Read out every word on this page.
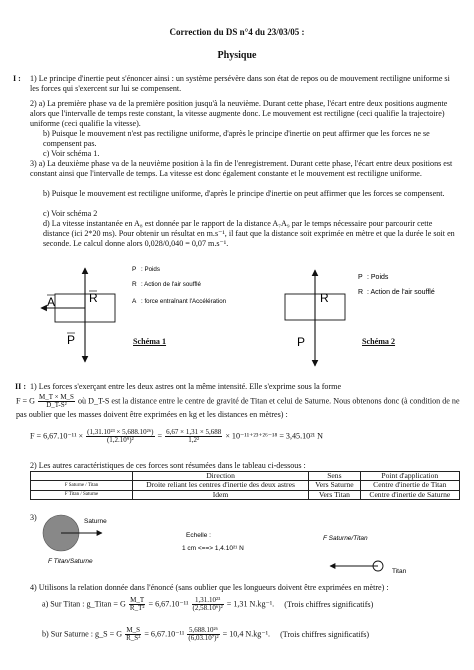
Correction du DS n°4 du 23/03/05 :
Physique
I : 1) Le principe d'inertie peut s'énoncer ainsi : un système persévère dans son état de repos ou de mouvement rectiligne uniforme si les forces qui s'exercent sur lui se compensent.
2) a) La première phase va de la première position jusqu'à la neuvième. Durant cette phase, l'écart entre deux positions augmente alors que l'intervalle de temps reste constant, la vitesse augmente donc. Le mouvement est rectiligne (ceci qualifie la trajectoire) uniforme (ceci qualifie la vitesse).
b) Puisque le mouvement n'est pas rectiligne uniforme, d'après le principe d'inertie on peut affirmer que les forces ne se compensent pas.
c) Voir schéma 1.
3) a) La deuxième phase va de la neuvième position à la fin de l'enregistrement. Durant cette phase, l'écart entre deux positions est constant ainsi que l'intervalle de temps. La vitesse est donc également constante et le mouvement est rectiligne uniforme.
b) Puisque le mouvement est rectiligne uniforme, d'après le principe d'inertie on peut affirmer que les forces se compensent.
c) Voir schéma 2
d) La vitesse instantanée en A₈ est donnée par le rapport de la distance A₇A₉ par le temps nécessaire pour parcourir cette distance (ici 2*20 ms). Pour obtenir un résultat en m.s⁻¹, il faut que la distance soit exprimée en mètre et que la durée le soit en seconde. Le calcul donne alors 0,028/0,040 = 0,07 m.s⁻¹.
R
P
A
P : Poids
R : Action de l'air soufflé
A : force entraînant l'Accélération
Schéma 1
R
P
P : Poids
R : Action de l'air soufflé
Schéma 2
II : 1) Les forces s'exerçant entre les deux astres ont la même intensité. Elle s'exprime sous la forme
F = G $\frac{M\_T \times M\_S}{\text{D\_T-S²}}$ où D_T-S est la distance entre le centre de gravité de Titan et celui de Saturne. Nous obtenons donc (à condition de ne pas oublier que les masses doivent être exprimées en kg et les distances en mètres) :
$F = 6,67.10^{-11} \times \frac{\text{(1,31.10²³ × 5,688.10²⁶)}}{\text{(1,2.10⁹)²}} = \frac{6,67 \times 1,31 \times 5,688}{\text{1,2²}} \times 10^{-11+23+26-18} = 3,45.10^{21}$ N
2) Les autres caractéristiques de ces forces sont résumées dans le tableau ci-dessous :
	Direction	Sens	Point d'application
F Saturne / Titan	Droite reliant les centres d'inertie des deux astres	Vers Saturne	Centre d'inertie de Titan
F Titan / Saturne	Idem	Vers Titan	Centre d'inertie de Saturne
3)	Saturne
F Titan/Saturne
Echelle :
1 cm <==> 1,4.10²¹ N
F Saturne/Titan
Titan
4) Utilisons la relation donnée dans l'énoncé (sans oublier que les longueurs doivent être exprimées en mètre) :
a) Sur Titan : g_Titan = G $\frac{M\_T}{\text{R\_T²}} = 6,67.10^{-11} \frac{\text{1,31.10²³}}{\text{(2,58.10⁶)²}} = 1,31$ N.kg⁻¹. (Trois chiffres significatifs)
b) Sur Saturne : g_S = G $\frac{M\_S}{\text{R\_S²}} = 6,67.10^{-11} \frac{\text{5,688.10²⁶}}{\text{(6,03.10⁷)²}} = 10,4$ N.kg⁻¹. (Trois chiffres significatifs)
